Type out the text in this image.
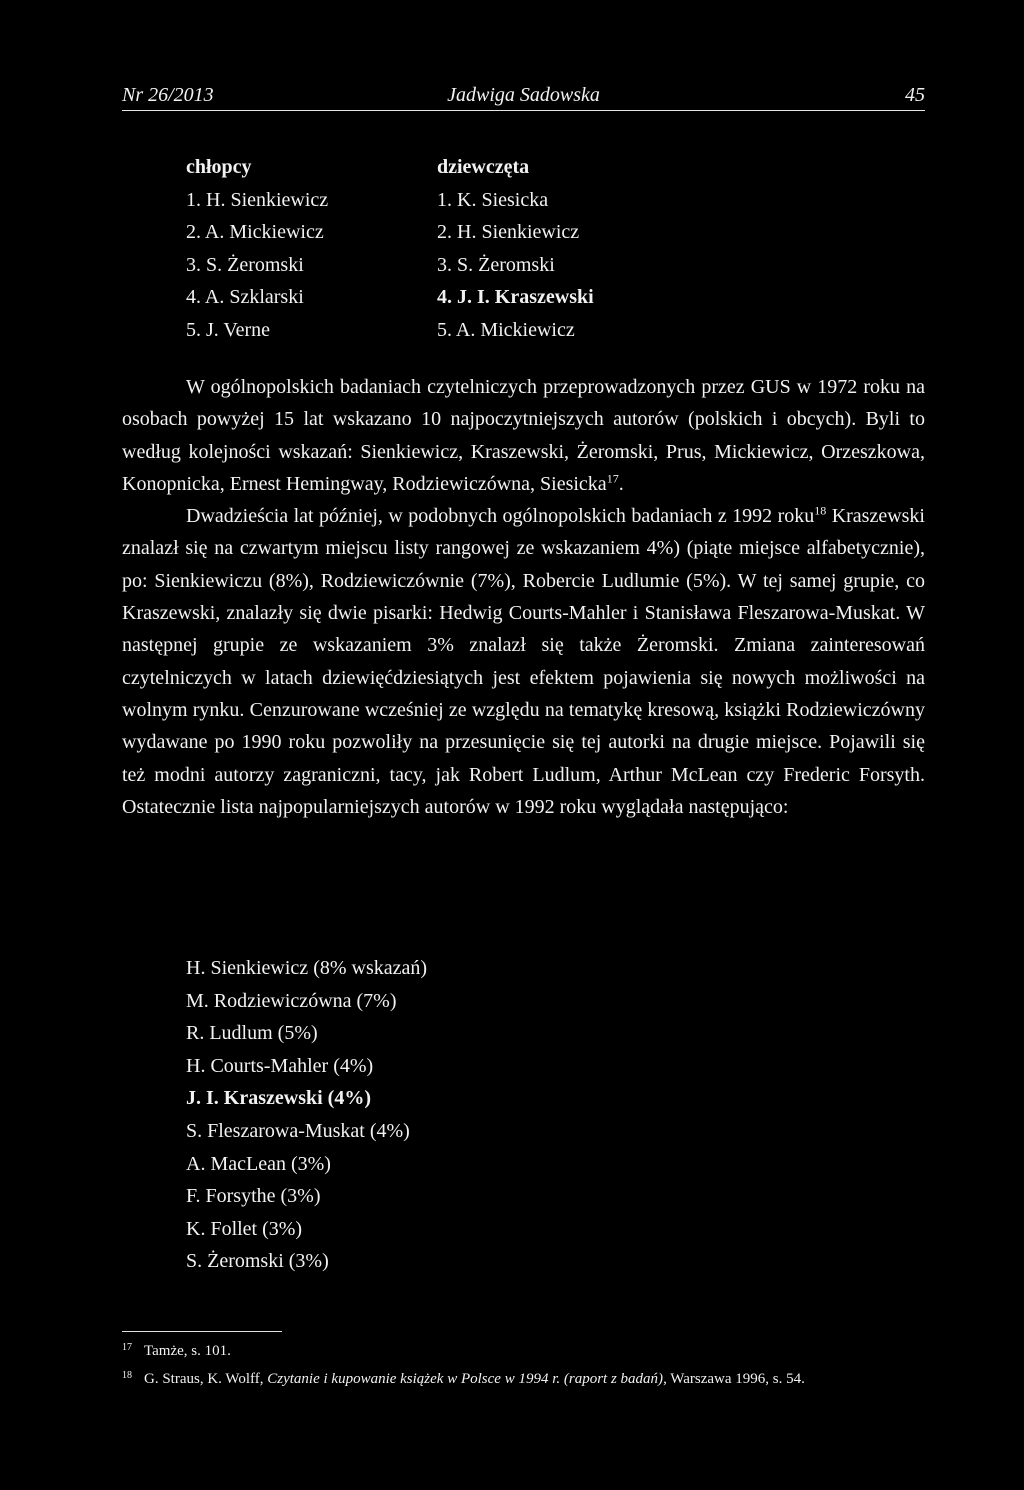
Nr 26/2013	Jadwiga Sadowska	45
chłopcy
1. H. Sienkiewicz
2. A. Mickiewicz
3. S. Żeromski
4. A. Szklarski
5. J. Verne
dziewczęta
1. K. Siesicka
2. H. Sienkiewicz
3. S. Żeromski
4. J. I. Kraszewski
5. A. Mickiewicz

W ogólnopolskich badaniach czytelniczych przeprowadzonych przez GUS w 1972 roku na osobach powyżej 15 lat wskazano 10 najpoczytniejszych autorów (polskich i obcych). Byli to według kolejności wskazań: Sienkiewicz, Kraszewski, Żeromski, Prus, Mickiewicz, Orzeszkowa, Konopnicka, Ernest Hemingway, Rodziewiczówna, Siesicka$^{17}$.

Dwadzieścia lat później, w podobnych ogólnopolskich badaniach z 1992 roku$^{18}$ Kraszewski znalazł się na czwartym miejscu listy rangowej ze wskazaniem 4%) (piąte miejsce alfabetycznie), po: Sienkiewiczu (8%), Rodziewiczównie (7%), Robercie Ludlumie (5%). W tej samej grupie, co Kraszewski, znalazły się dwie pisarki: Hedwig Courts-Mahler i Stanisława Fleszarowa-Muskat. W następnej grupie ze wskazaniem 3% znalazł się także Żeromski. Zmiana zainteresowań czytelniczych w latach dziewięćdziesiątych jest efektem pojawienia się nowych możliwości na wolnym rynku. Cenzurowane wcześniej ze względu na tematykę kresową, książki Rodziewiczówny wydawane po 1990 roku pozwoliły na przesunięcie się tej autorki na drugie miejsce. Pojawili się też modni autorzy zagraniczni, tacy, jak Robert Ludlum, Arthur McLean czy Frederic Forsyth. Ostatecznie lista najpopularniejszych autorów w 1992 roku wyglądała następująco:

H. Sienkiewicz (8% wskazań)
M. Rodziewiczówna (7%)
R. Ludlum (5%)
H. Courts-Mahler (4%)
J. I. Kraszewski (4%)
S. Fleszarowa-Muskat (4%)
A. MacLean (3%)
F. Forsythe (3%)
K. Follet (3%)
S. Żeromski (3%)
17 Tamże, s. 101.
18 G. Straus, K. Wolff, Czytanie i kupowanie książek w Polsce w 1994 r. (raport z badań), Warszawa 1996, s. 54.
